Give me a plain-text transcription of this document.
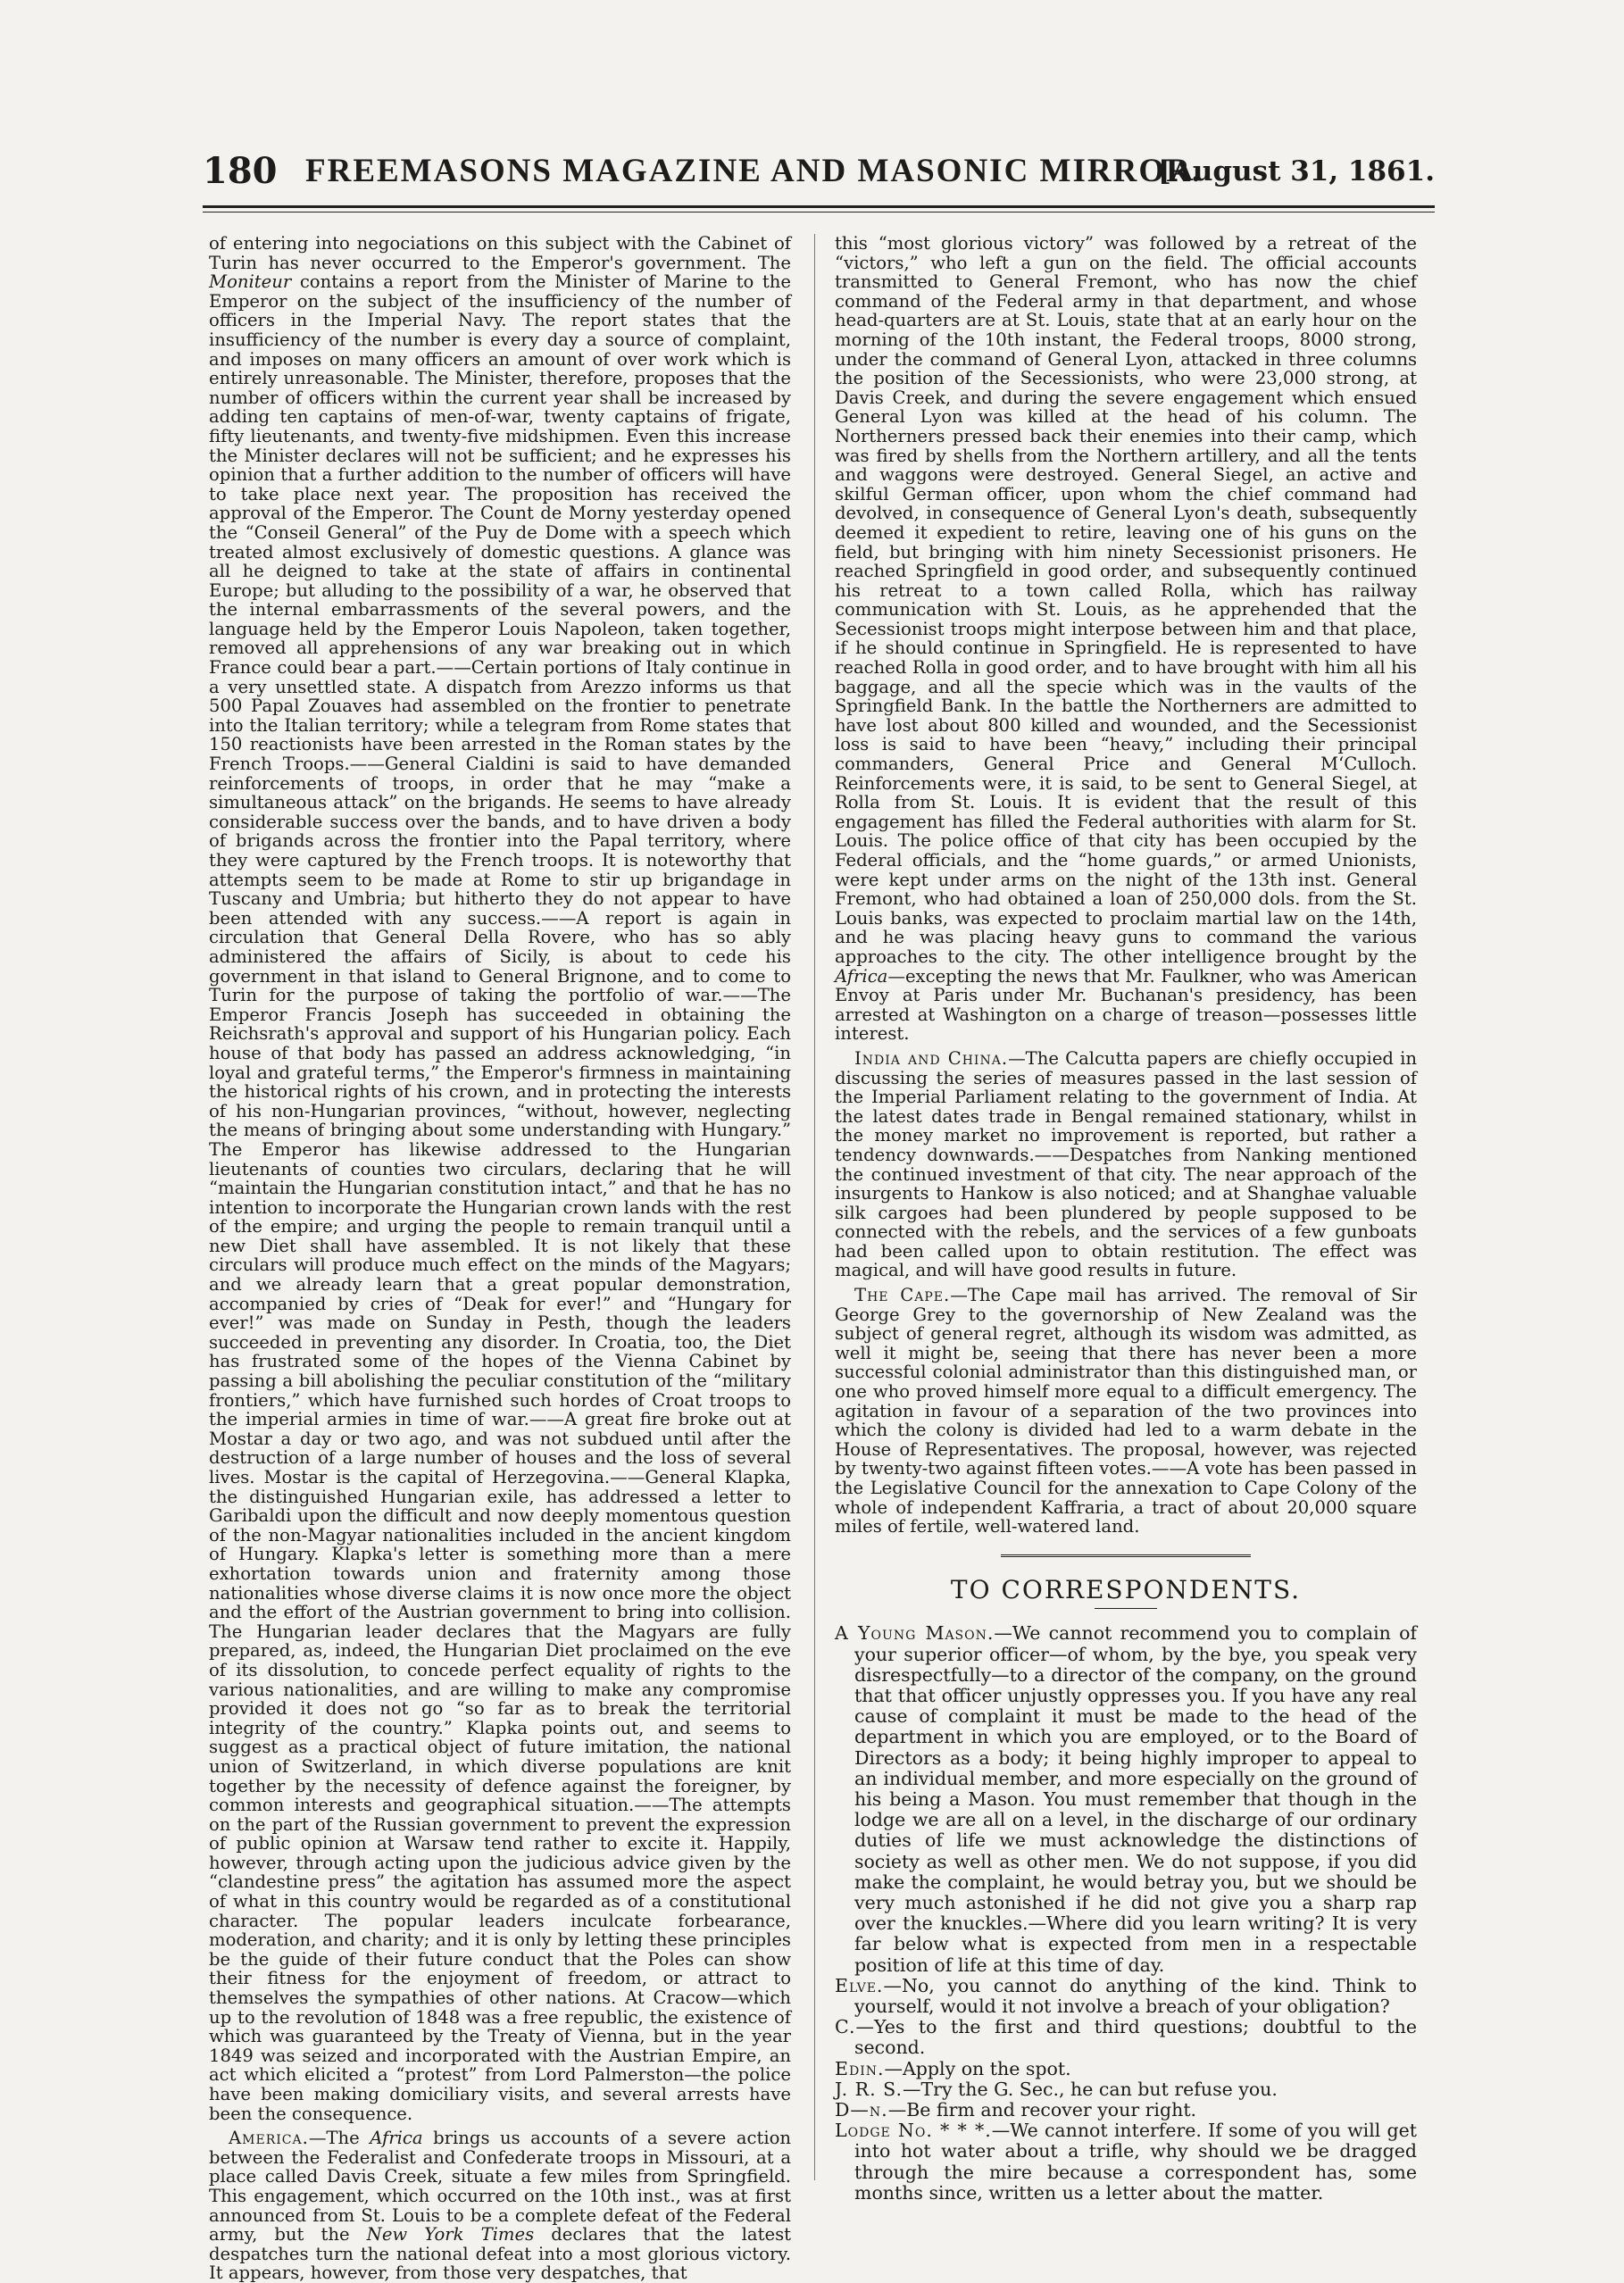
180 FREEMASONS MAGAZINE AND MASONIC MIRROR.
[August 31, 1861.

of entering into negociations on this subject with the Cabinet of Turin has never occurred to the Emperor's government. The Moniteur contains a report from the Minister of Marine to the Emperor on the subject of the insufficiency of the number of officers in the Imperial Navy. The report states that the insufficiency of the number is every day a source of complaint, and imposes on many officers an amount of over work which is entirely unreasonable. The Minister, therefore, proposes that the number of officers within the current year shall be increased by adding ten captains of men-of-war, twenty captains of frigate, fifty lieutenants, and twenty-five midshipmen. Even this increase the Minister declares will not be sufficient; and he expresses his opinion that a further addition to the number of officers will have to take place next year. The proposition has received the approval of the Emperor. The Count de Morny yesterday opened the “Conseil General” of the Puy de Dome with a speech which treated almost exclusively of domestic questions. A glance was all he deigned to take at the state of affairs in continental Europe; but alluding to the possibility of a war, he observed that the internal embarrassments of the several powers, and the language held by the Emperor Louis Napoleon, taken together, removed all apprehensions of any war breaking out in which France could bear a part.——Certain portions of Italy continue in a very unsettled state. A dispatch from Arezzo informs us that 500 Papal Zouaves had assembled on the frontier to penetrate into the Italian territory; while a telegram from Rome states that 150 reactionists have been arrested in the Roman states by the French Troops.——General Cialdini is said to have demanded reinforcements of troops, in order that he may “make a simultaneous attack” on the brigands. He seems to have already considerable success over the bands, and to have driven a body of brigands across the frontier into the Papal territory, where they were captured by the French troops. It is noteworthy that attempts seem to be made at Rome to stir up brigandage in Tuscany and Umbria; but hitherto they do not appear to have been attended with any success.——A report is again in circulation that General Della Rovere, who has so ably administered the affairs of Sicily, is about to cede his government in that island to General Brignone, and to come to Turin for the purpose of taking the portfolio of war.——The Emperor Francis Joseph has succeeded in obtaining the Reichsrath's approval and support of his Hungarian policy. Each house of that body has passed an address acknowledging, “in loyal and grateful terms,” the Emperor's firmness in maintaining the historical rights of his crown, and in protecting the interests of his non-Hungarian provinces, “without, however, neglecting the means of bringing about some understanding with Hungary.” The Emperor has likewise addressed to the Hungarian lieutenants of counties two circulars, declaring that he will “maintain the Hungarian constitution intact,” and that he has no intention to incorporate the Hungarian crown lands with the rest of the empire; and urging the people to remain tranquil until a new Diet shall have assembled. It is not likely that these circulars will produce much effect on the minds of the Magyars; and we already learn that a great popular demonstration, accompanied by cries of “Deak for ever!” and “Hungary for ever!” was made on Sunday in Pesth, though the leaders succeeded in preventing any disorder. In Croatia, too, the Diet has frustrated some of the hopes of the Vienna Cabinet by passing a bill abolishing the peculiar constitution of the “military frontiers,” which have furnished such hordes of Croat troops to the imperial armies in time of war.——A great fire broke out at Mostar a day or two ago, and was not subdued until after the destruction of a large number of houses and the loss of several lives. Mostar is the capital of Herzegovina.——General Klapka, the distinguished Hungarian exile, has addressed a letter to Garibaldi upon the difficult and now deeply momentous question of the non-Magyar nationalities included in the ancient kingdom of Hungary. Klapka's letter is something more than a mere exhortation towards union and fraternity among those nationalities whose diverse claims it is now once more the object and the effort of the Austrian government to bring into collision. The Hungarian leader declares that the Magyars are fully prepared, as, indeed, the Hungarian Diet proclaimed on the eve of its dissolution, to concede perfect equality of rights to the various nationalities, and are willing to make any compromise provided it does not go “so far as to break the territorial integrity of the country.” Klapka points out, and seems to suggest as a practical object of future imitation, the national union of Switzerland, in which diverse populations are knit together by the necessity of defence against the foreigner, by common interests and geographical situation.——The attempts on the part of the Russian government to prevent the expression of public opinion at Warsaw tend rather to excite it. Happily, however, through acting upon the judicious advice given by the “clandestine press” the agitation has assumed more the aspect of what in this country would be regarded as of a constitutional character. The popular leaders inculcate forbearance, moderation, and charity; and it is only by letting these principles be the guide of their future conduct that the Poles can show their fitness for the enjoyment of freedom, or attract to themselves the sympathies of other nations. At Cracow—which up to the revolution of 1848 was a free republic, the existence of which was guaranteed by the Treaty of Vienna, but in the year 1849 was seized and incorporated with the Austrian Empire, an act which elicited a “protest” from Lord Palmerston—the police have been making domiciliary visits, and several arrests have been the consequence.

America.—The Africa brings us accounts of a severe action between the Federalist and Confederate troops in Missouri, at a place called Davis Creek, situate a few miles from Springfield. This engagement, which occurred on the 10th inst., was at first announced from St. Louis to be a complete defeat of the Federal army, but the New York Times declares that the latest despatches turn the national defeat into a most glorious victory. It appears, however, from those very despatches, that

this “most glorious victory” was followed by a retreat of the “victors,” who left a gun on the field. The official accounts transmitted to General Fremont, who has now the chief command of the Federal army in that department, and whose head-quarters are at St. Louis, state that at an early hour on the morning of the 10th instant, the Federal troops, 8000 strong, under the command of General Lyon, attacked in three columns the position of the Secessionists, who were 23,000 strong, at Davis Creek, and during the severe engagement which ensued General Lyon was killed at the head of his column. The Northerners pressed back their enemies into their camp, which was fired by shells from the Northern artillery, and all the tents and waggons were destroyed. General Siegel, an active and skilful German officer, upon whom the chief command had devolved, in consequence of General Lyon's death, subsequently deemed it expedient to retire, leaving one of his guns on the field, but bringing with him ninety Secessionist prisoners. He reached Springfield in good order, and subsequently continued his retreat to a town called Rolla, which has railway communication with St. Louis, as he apprehended that the Secessionist troops might interpose between him and that place, if he should continue in Springfield. He is represented to have reached Rolla in good order, and to have brought with him all his baggage, and all the specie which was in the vaults of the Springfield Bank. In the battle the Northerners are admitted to have lost about 800 killed and wounded, and the Secessionist loss is said to have been “heavy,” including their principal commanders, General Price and General M‘Culloch. Reinforcements were, it is said, to be sent to General Siegel, at Rolla from St. Louis. It is evident that the result of this engagement has filled the Federal authorities with alarm for St. Louis. The police office of that city has been occupied by the Federal officials, and the “home guards,” or armed Unionists, were kept under arms on the night of the 13th inst. General Fremont, who had obtained a loan of 250,000 dols. from the St. Louis banks, was expected to proclaim martial law on the 14th, and he was placing heavy guns to command the various approaches to the city. The other intelligence brought by the Africa—excepting the news that Mr. Faulkner, who was American Envoy at Paris under Mr. Buchanan's presidency, has been arrested at Washington on a charge of treason—possesses little interest.

India and China.—The Calcutta papers are chiefly occupied in discussing the series of measures passed in the last session of the Imperial Parliament relating to the government of India. At the latest dates trade in Bengal remained stationary, whilst in the money market no improvement is reported, but rather a tendency downwards.——Despatches from Nanking mentioned the continued investment of that city. The near approach of the insurgents to Hankow is also noticed; and at Shanghae valuable silk cargoes had been plundered by people supposed to be connected with the rebels, and the services of a few gunboats had been called upon to obtain restitution. The effect was magical, and will have good results in future.

The Cape.—The Cape mail has arrived. The removal of Sir George Grey to the governorship of New Zealand was the subject of general regret, although its wisdom was admitted, as well it might be, seeing that there has never been a more successful colonial administrator than this distinguished man, or one who proved himself more equal to a difficult emergency. The agitation in favour of a separation of the two provinces into which the colony is divided had led to a warm debate in the House of Representatives. The proposal, however, was rejected by twenty-two against fifteen votes.——A vote has been passed in the Legislative Council for the annexation to Cape Colony of the whole of independent Kaffraria, a tract of about 20,000 square miles of fertile, well-watered land.

TO CORRESPONDENTS.

A Young Mason.—We cannot recommend you to complain of your superior officer—of whom, by the bye, you speak very disrespectfully—to a director of the company, on the ground that that officer unjustly oppresses you. If you have any real cause of complaint it must be made to the head of the department in which you are employed, or to the Board of Directors as a body; it being highly improper to appeal to an individual member, and more especially on the ground of his being a Mason. You must remember that though in the lodge we are all on a level, in the discharge of our ordinary duties of life we must acknowledge the distinctions of society as well as other men. We do not suppose, if you did make the complaint, he would betray you, but we should be very much astonished if he did not give you a sharp rap over the knuckles.—Where did you learn writing? It is very far below what is expected from men in a respectable position of life at this time of day.

Elve.—No, you cannot do anything of the kind. Think to yourself, would it not involve a breach of your obligation?

C.—Yes to the first and third questions; doubtful to the second.

Edin.—Apply on the spot.

J. R. S.—Try the G. Sec., he can but refuse you.

D—n.—Be firm and recover your right.

Lodge No. * * *.—We cannot interfere. If some of you will get into hot water about a trifle, why should we be dragged through the mire because a correspondent has, some months since, written us a letter about the matter.
